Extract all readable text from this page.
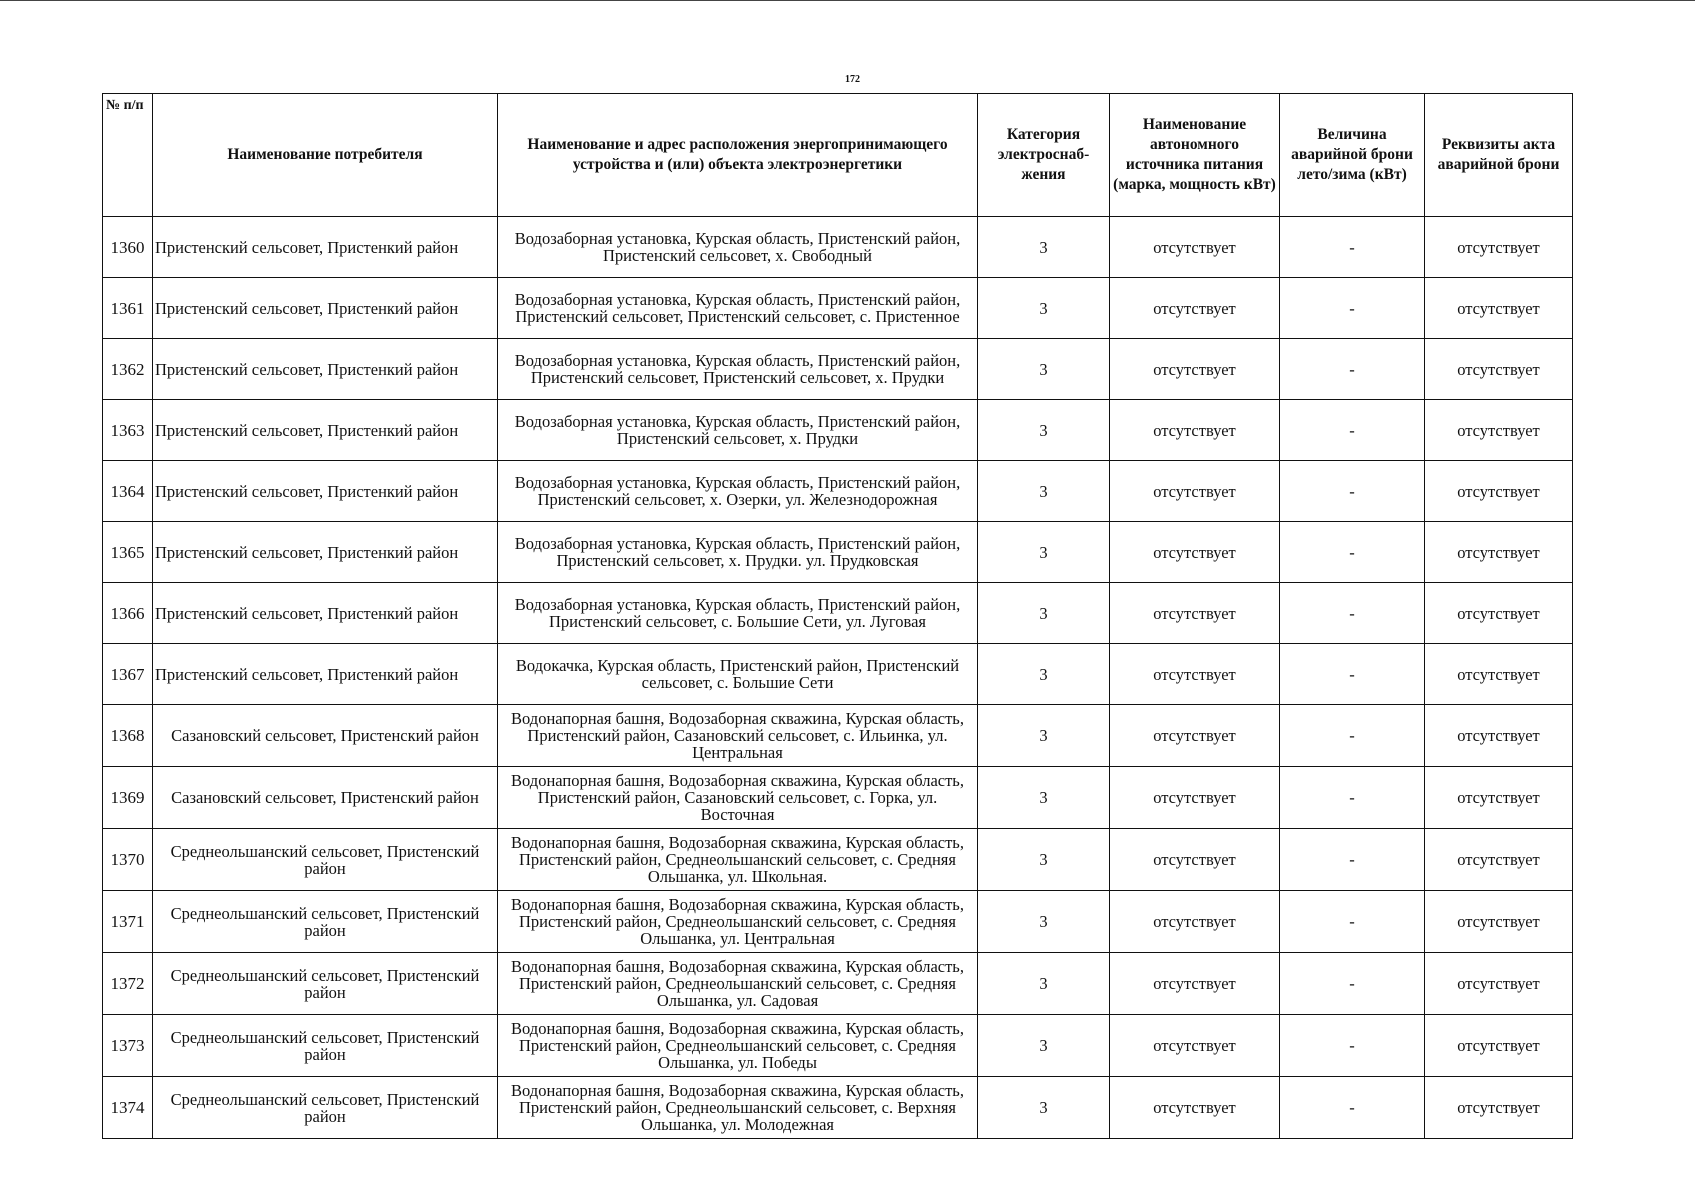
172
№ п/п	Наименование потребителя	Наименование и адрес расположения энергопринимающего устройства и (или) объекта электроэнергетики	Категория электроснаб-жения	Наименование автономного источника питания (марка, мощность кВт)	Величина аварийной брони лето/зима (кВт)	Реквизиты акта аварийной брони
1360	Пристенский сельсовет, Пристенкий район	Водозаборная установка, Курская область, Пристенский район, Пристенский сельсовет, х. Свободный	3	отсутствует	-	отсутствует
1361	Пристенский сельсовет, Пристенкий район	Водозаборная установка, Курская область, Пристенский район, Пристенский сельсовет, Пристенский сельсовет, с. Пристенное	3	отсутствует	-	отсутствует
1362	Пристенский сельсовет, Пристенкий район	Водозаборная установка, Курская область, Пристенский район, Пристенский сельсовет, Пристенский сельсовет, х. Прудки	3	отсутствует	-	отсутствует
1363	Пристенский сельсовет, Пристенкий район	Водозаборная установка, Курская область, Пристенский район, Пристенский сельсовет, х. Прудки	3	отсутствует	-	отсутствует
1364	Пристенский сельсовет, Пристенкий район	Водозаборная установка, Курская область, Пристенский район, Пристенский сельсовет, х. Озерки, ул. Железнодорожная	3	отсутствует	-	отсутствует
1365	Пристенский сельсовет, Пристенкий район	Водозаборная установка, Курская область, Пристенский район, Пристенский сельсовет, х. Прудки. ул. Прудковская	3	отсутствует	-	отсутствует
1366	Пристенский сельсовет, Пристенкий район	Водозаборная установка, Курская область, Пристенский район, Пристенский сельсовет, с. Большие Сети, ул. Луговая	3	отсутствует	-	отсутствует
1367	Пристенский сельсовет, Пристенкий район	Водокачка, Курская область, Пристенский район, Пристенский сельсовет, с. Большие Сети	3	отсутствует	-	отсутствует
1368	Сазановский сельсовет, Пристенский район	Водонапорная башня, Водозаборная скважина, Курская область, Пристенский район, Сазановский сельсовет, с. Ильинка, ул. Центральная	3	отсутствует	-	отсутствует
1369	Сазановский сельсовет, Пристенский район	Водонапорная башня, Водозаборная скважина, Курская область, Пристенский район, Сазановский сельсовет, с. Горка, ул. Восточная	3	отсутствует	-	отсутствует
1370	Среднеольшанский сельсовет, Пристенский район	Водонапорная башня, Водозаборная скважина, Курская область, Пристенский район, Среднеольшанский сельсовет, с. Средняя Ольшанка, ул. Школьная.	3	отсутствует	-	отсутствует
1371	Среднеольшанский сельсовет, Пристенский район	Водонапорная башня, Водозаборная скважина, Курская область, Пристенский район, Среднеольшанский сельсовет, с. Средняя Ольшанка, ул. Центральная	3	отсутствует	-	отсутствует
1372	Среднеольшанский сельсовет, Пристенский район	Водонапорная башня, Водозаборная скважина, Курская область, Пристенский район, Среднеольшанский сельсовет, с. Средняя Ольшанка, ул. Садовая	3	отсутствует	-	отсутствует
1373	Среднеольшанский сельсовет, Пристенский район	Водонапорная башня, Водозаборная скважина, Курская область, Пристенский район, Среднеольшанский сельсовет, с. Средняя Ольшанка, ул. Победы	3	отсутствует	-	отсутствует
1374	Среднеольшанский сельсовет, Пристенский район	Водонапорная башня, Водозаборная скважина, Курская область, Пристенский район, Среднеольшанский сельсовет, с. Верхняя Ольшанка, ул. Молодежная	3	отсутствует	-	отсутствует
